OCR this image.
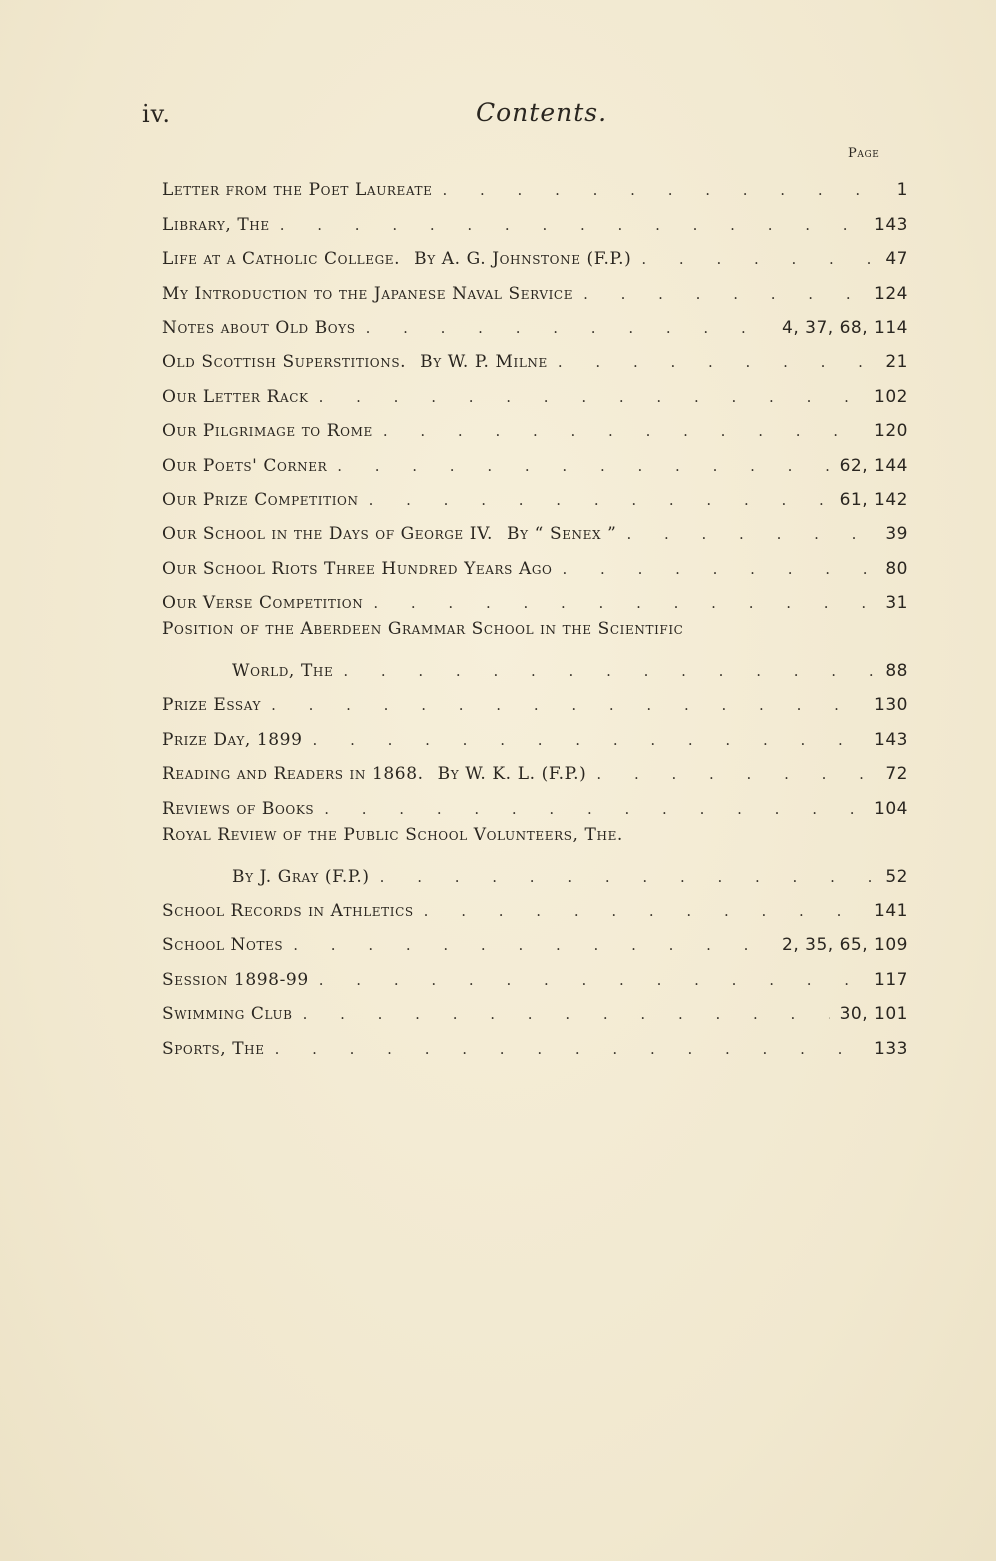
iv.	Contents.
Page
Letter from the Poet Laureate . . .	1
Library, The . . .	143
Life at a Catholic College. By A. G. Johnstone (F.P.) . . .	47
My Introduction to the Japanese Naval Service . . .	124
Notes about Old Boys . . .	4, 37, 68, 114
Old Scottish Superstitions. By W. P. Milne . . .	21
Our Letter Rack . . .	102
Our Pilgrimage to Rome . . .	120
Our Poets' Corner . . .	62, 144
Our Prize Competition . . .	61, 142
Our School in the Days of George IV. By “ Senex ” . . .	39
Our School Riots Three Hundred Years Ago . . .	80
Our Verse Competition . . .	31
Position of the Aberdeen Grammar School in the Scientific
World, The . . .	88
Prize Essay . . .	130
Prize Day, 1899 . . .	143
Reading and Readers in 1868. By W. K. L. (F.P.) . . .	72
Reviews of Books . . .	104
Royal Review of the Public School Volunteers, The.
By J. Gray (F.P.) . . .	52
School Records in Athletics . . .	141
School Notes . . .	2, 35, 65, 109
Session 1898-99 . . .	117
Swimming Club . . .	30, 101
Sports, The . . .	133
